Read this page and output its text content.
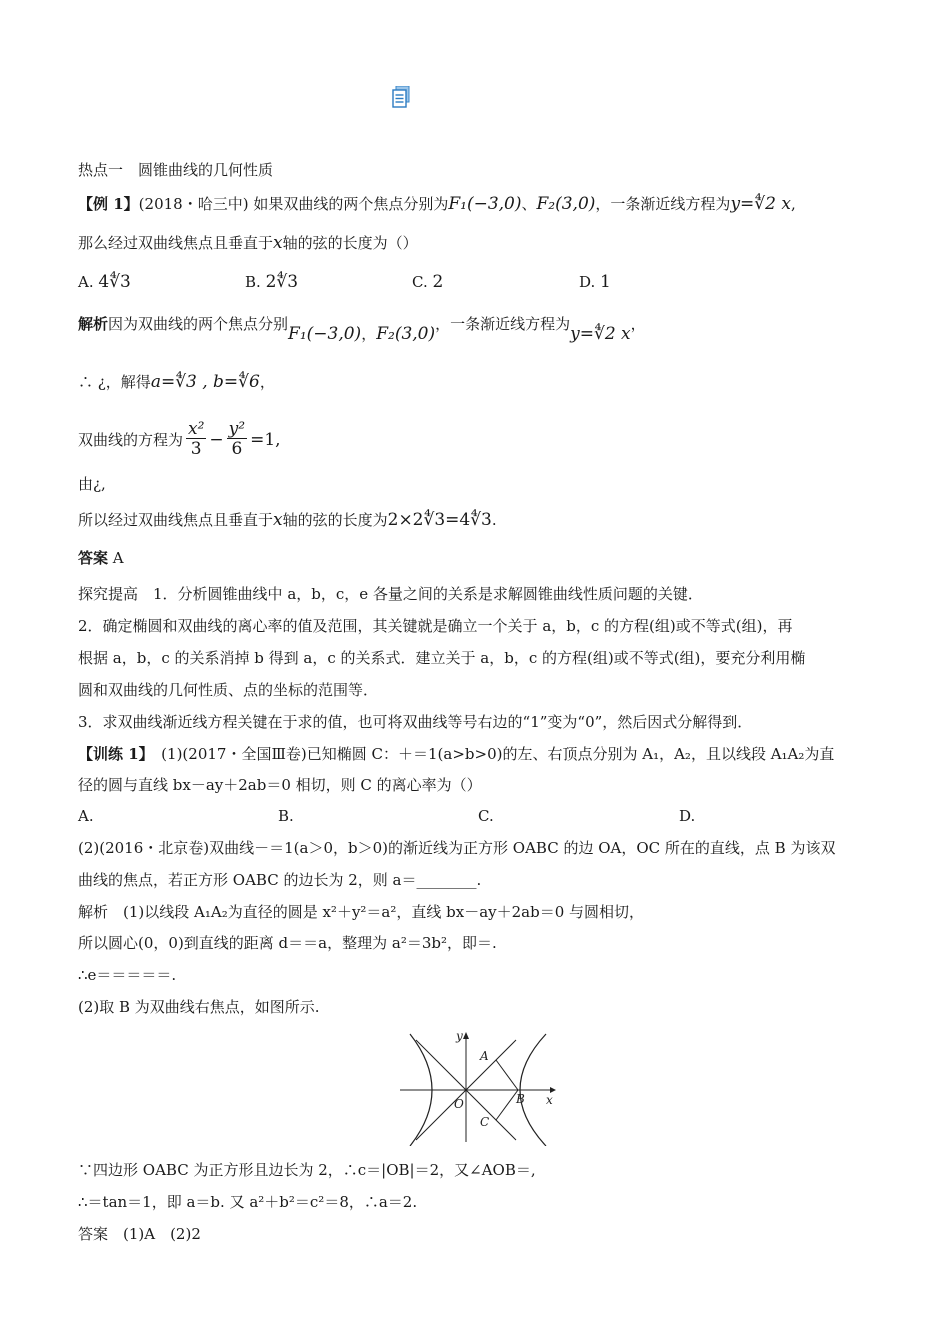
热点一　圆锥曲线的几何性质
【例 1】(2018・哈三中) 如果双曲线的两个焦点分别为F₁(−3,0)、F₂(3,0)，一条渐近线方程为y=∜2 x,
那么经过双曲线焦点且垂直于x轴的弦的长度为（）
A. 4∜3	B. 2∜3	C. 2	D. 1
解析因为双曲线的两个焦点分别F₁(−3,0)，F₂(3,0)，一条渐近线方程为y=∜2 x，
∴ ¿，解得a=∜3 , b=∜6，
双曲线的方程为 $\frac{\text{x²}}{3} - \frac{\text{y²}}{6} =1$,
由¿,
所以经过双曲线焦点且垂直于x轴的弦的长度为2×2∜3=4∜3.
答案 A
探究提高　1．分析圆锥曲线中 a，b，c，e 各量之间的关系是求解圆锥曲线性质问题的关键．
2．确定椭圆和双曲线的离心率的值及范围，其关键就是确立一个关于 a，b，c 的方程(组)或不等式(组)，再
根据 a，b，c 的关系消掉 b 得到 a，c 的关系式．建立关于 a，b，c 的方程(组)或不等式(组)，要充分利用椭
圆和双曲线的几何性质、点的坐标的范围等．
3．求双曲线渐近线方程关键在于求的值，也可将双曲线等号右边的“1”变为“0”，然后因式分解得到．
【训练 1】　(1)(2017・全国Ⅲ卷)已知椭圆 C：＋＝1(a>b>0)的左、右顶点分别为 A₁，A₂，且以线段 A₁A₂为直
径的圆与直线 bx－ay＋2ab＝0 相切，则 C 的离心率为（）
A.	B.	C.	D.
(2)(2016・北京卷)双曲线－＝1(a＞0，b＞0)的渐近线为正方形 OABC 的边 OA，OC 所在的直线，点 B 为该双
曲线的焦点，若正方形 OABC 的边长为 2，则 a＝________.
解析　(1)以线段 A₁A₂为直径的圆是 x²＋y²＝a²，直线 bx－ay＋2ab＝0 与圆相切，
所以圆心(0，0)到直线的距离 d＝＝a，整理为 a²＝3b²，即＝.
∴e＝＝＝＝＝.
(2)取 B 为双曲线右焦点，如图所示.
y
x
O
A
B
C
∵四边形 OABC 为正方形且边长为 2，∴c＝|OB|＝2，又∠AOB＝,
∴＝tan＝1，即 a＝b. 又 a²＋b²＝c²＝8，∴a＝2.
答案　(1)A　(2)2
